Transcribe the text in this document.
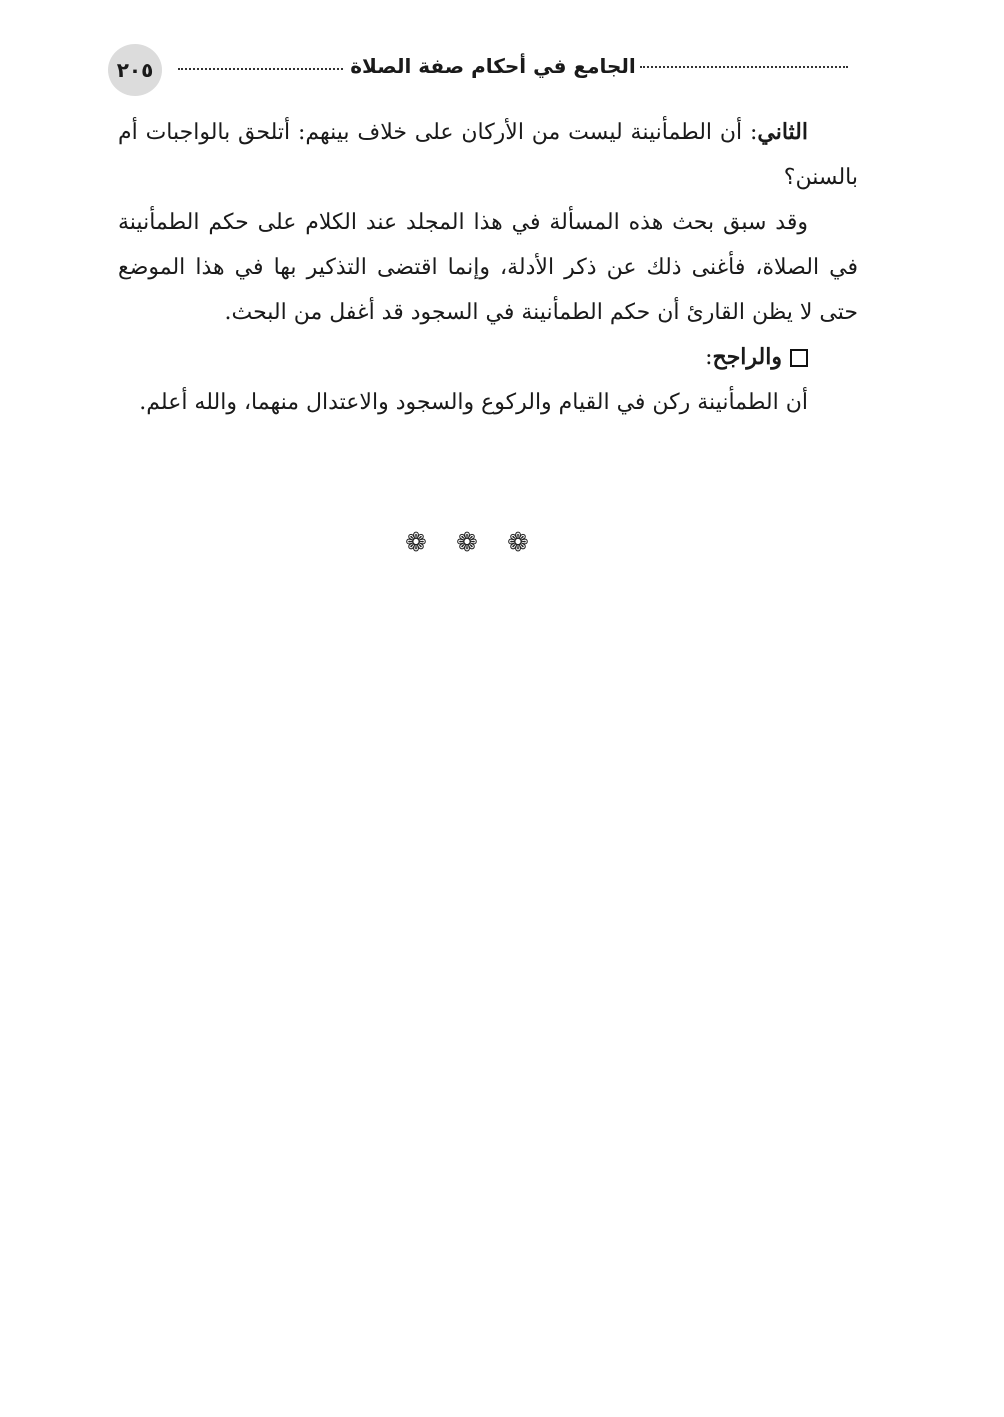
٢٠٥	الجامع في أحكام صفة الصلاة

الثاني: أن الطمأنينة ليست من الأركان على خلاف بينهم: أتلحق بالواجبات أم بالسنن؟

وقد سبق بحث هذه المسألة في هذا المجلد عند الكلام على حكم الطمأنينة في الصلاة، فأغنى ذلك عن ذكر الأدلة، وإنما اقتضى التذكير بها في هذا الموضع حتى لا يظن القارئ أن حكم الطمأنينة في السجود قد أغفل من البحث.

والراجح:

أن الطمأنينة ركن في القيام والركوع والسجود والاعتدال منهما، والله أعلم.

❁ ❁ ❁
